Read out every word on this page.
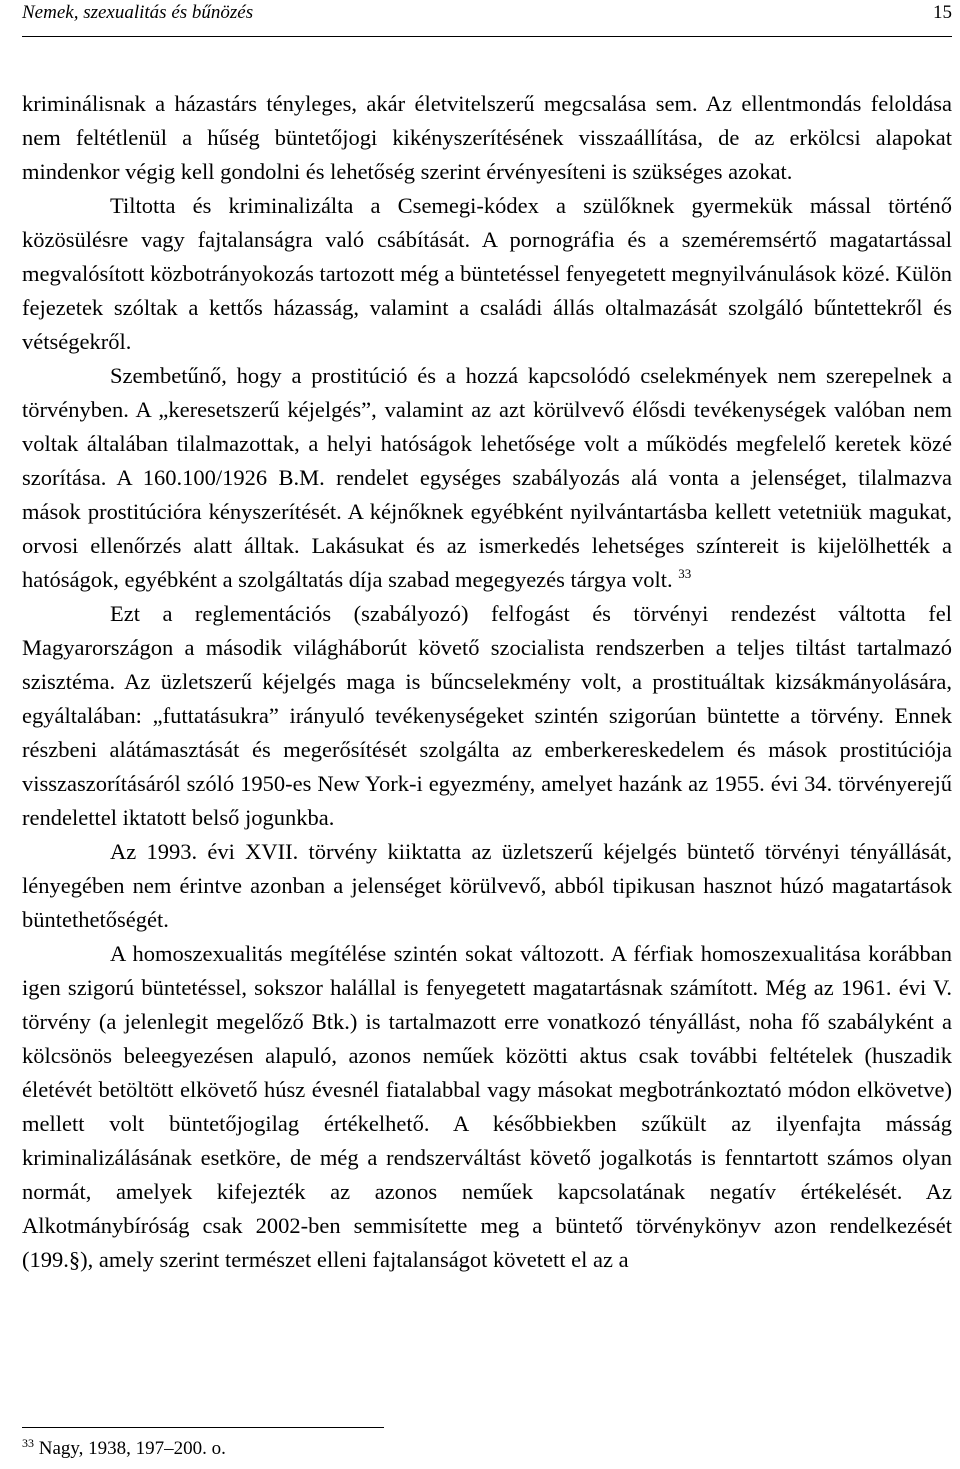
Nemek, szexualitás és bűnözés	15

kriminálisnak a házastárs tényleges, akár életvitelszerű megcsalása sem. Az ellentmondás feloldása nem feltétlenül a hűség büntetőjogi kikényszerítésének visszaállítása, de az erkölcsi alapokat mindenkor végig kell gondolni és lehetőség szerint érvényesíteni is szükséges azokat.

Tiltotta és kriminalizálta a Csemegi-kódex a szülőknek gyermekük mással történő közösülésre vagy fajtalanságra való csábítását. A pornográfia és a szeméremsértő magatartással megvalósított közbotrányokozás tartozott még a büntetéssel fenyegetett megnyilvánulások közé. Külön fejezetek szóltak a kettős házasság, valamint a családi állás oltalmazását szolgáló bűntettekről és vétségekről.

Szembetűnő, hogy a prostitúció és a hozzá kapcsolódó cselekmények nem szerepelnek a törvényben. A „keresetszerű kéjelgés”, valamint az azt körülvevő élősdi tevékenységek valóban nem voltak általában tilalmazottak, a helyi hatóságok lehetősége volt a működés megfelelő keretek közé szorítása. A 160.100/1926 B.M. rendelet egységes szabályozás alá vonta a jelenséget, tilalmazva mások prostitúcióra kényszerítését. A kéjnőknek egyébként nyilvántartásba kellett vetetniük magukat, orvosi ellenőrzés alatt álltak. Lakásukat és az ismerkedés lehetséges színtereit is kijelölhették a hatóságok, egyébként a szolgáltatás díja szabad megegyezés tárgya volt. $^{33}$

Ezt a reglementációs (szabályozó) felfogást és törvényi rendezést váltotta fel Magyarországon a második világháborút követő szocialista rendszerben a teljes tiltást tartalmazó szisztéma. Az üzletszerű kéjelgés maga is bűncselekmény volt, a prostituáltak kizsákmányolására, egyáltalában: „futtatásukra” irányuló tevékenységeket szintén szigorúan büntette a törvény. Ennek részbeni alátámasztását és megerősítését szolgálta az emberkereskedelem és mások prostitúciója visszaszorításáról szóló 1950-es New York-i egyezmény, amelyet hazánk az 1955. évi 34. törvényerejű rendelettel iktatott belső jogunkba.

Az 1993. évi XVII. törvény kiiktatta az üzletszerű kéjelgés büntető törvényi tényállását, lényegében nem érintve azonban a jelenséget körülvevő, abból tipikusan hasznot húzó magatartások büntethetőségét.

A homoszexualitás megítélése szintén sokat változott. A férfiak homoszexualitása korábban igen szigorú büntetéssel, sokszor halállal is fenyegetett magatartásnak számított. Még az 1961. évi V. törvény (a jelenlegit megelőző Btk.) is tartalmazott erre vonatkozó tényállást, noha fő szabályként a kölcsönös beleegyezésen alapuló, azonos neműek közötti aktus csak további feltételek (huszadik életévét betöltött elkövető húsz évesnél fiatalabbal vagy másokat megbotránkoztató módon elkövetve) mellett volt büntetőjogilag értékelhető. A későbbiekben szűkült az ilyenfajta másság kriminalizálásának esetköre, de még a rendszerváltást követő jogalkotás is fenntartott számos olyan normát, amelyek kifejezték az azonos neműek kapcsolatának negatív értékelését. Az Alkotmánybíróság csak 2002-ben semmisítette meg a büntető törvénykönyv azon rendelkezését (199.§), amely szerint természet elleni fajtalanságot követett el az a

$^{33}$ Nagy, 1938, 197–200. o.
